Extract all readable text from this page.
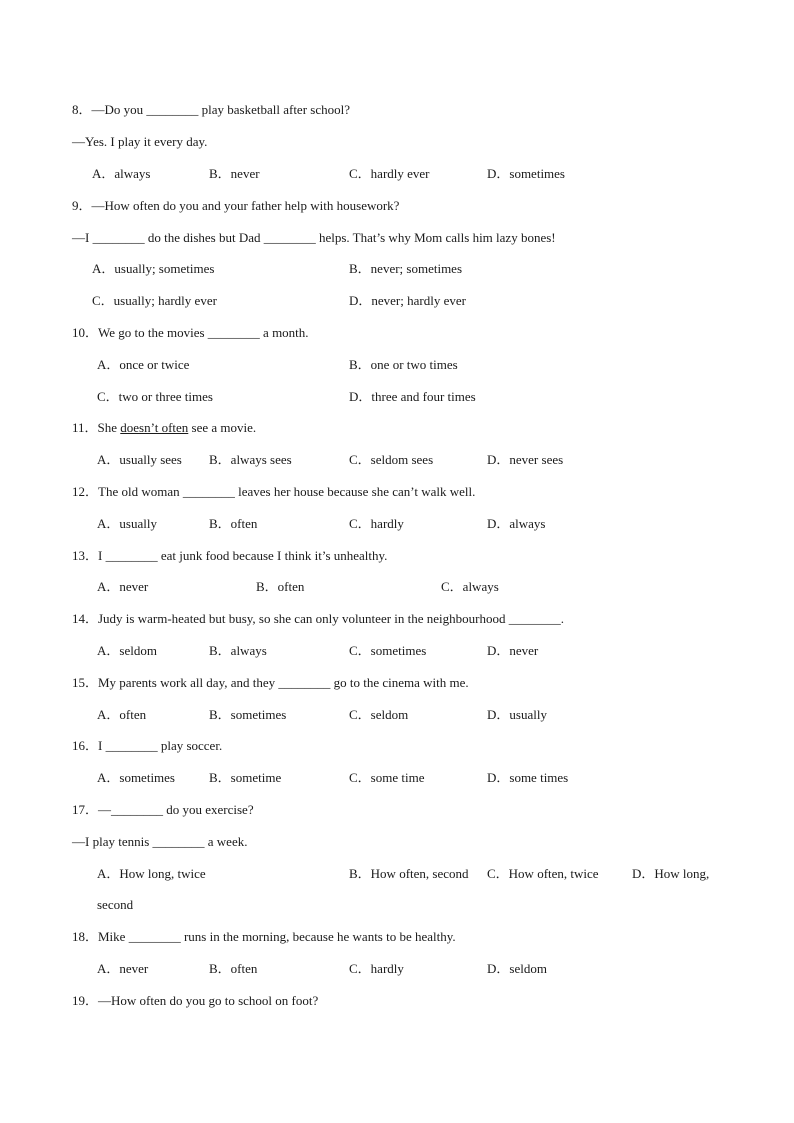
8．—Do you ________ play basketball after school?
—Yes. I play it every day.
A．always	B．never	C．hardly ever	D．sometimes
9．—How often do you and your father help with housework?
—I ________ do the dishes but Dad ________ helps. That’s why Mom calls him lazy bones!
A．usually; sometimes	B．never; sometimes
C．usually; hardly ever	D．never; hardly ever
10．We go to the movies ________ a month.
A．once or twice	B．one or two times
C．two or three times	D．three and four times
11．She doesn’t often see a movie.
A．usually sees B．always sees	C．seldom sees	D．never sees
12．The old woman ________ leaves her house because she can’t walk well.
A．usually	B．often	C．hardly	D．always
13．I ________ eat junk food because I think it’s unhealthy.
A．never	B．often	C．always
14．Judy is warm-heated but busy, so she can only volunteer in the neighbourhood ________.
A．seldom	B．always	C．sometimes	D．never
15．My parents work all day, and they ________ go to the cinema with me.
A．often	B．sometimes	C．seldom	D．usually
16．I ________ play soccer.
A．sometimes	B．sometime	C．some time	D．some times
17．—________ do you exercise?
—I play tennis ________ a week.
A．How long, twice	B．How often, second C．How often, twice	D．How long,
second
18．Mike ________ runs in the morning, because he wants to be healthy.
A．never	B．often	C．hardly	D．seldom
19．—How often do you go to school on foot?
